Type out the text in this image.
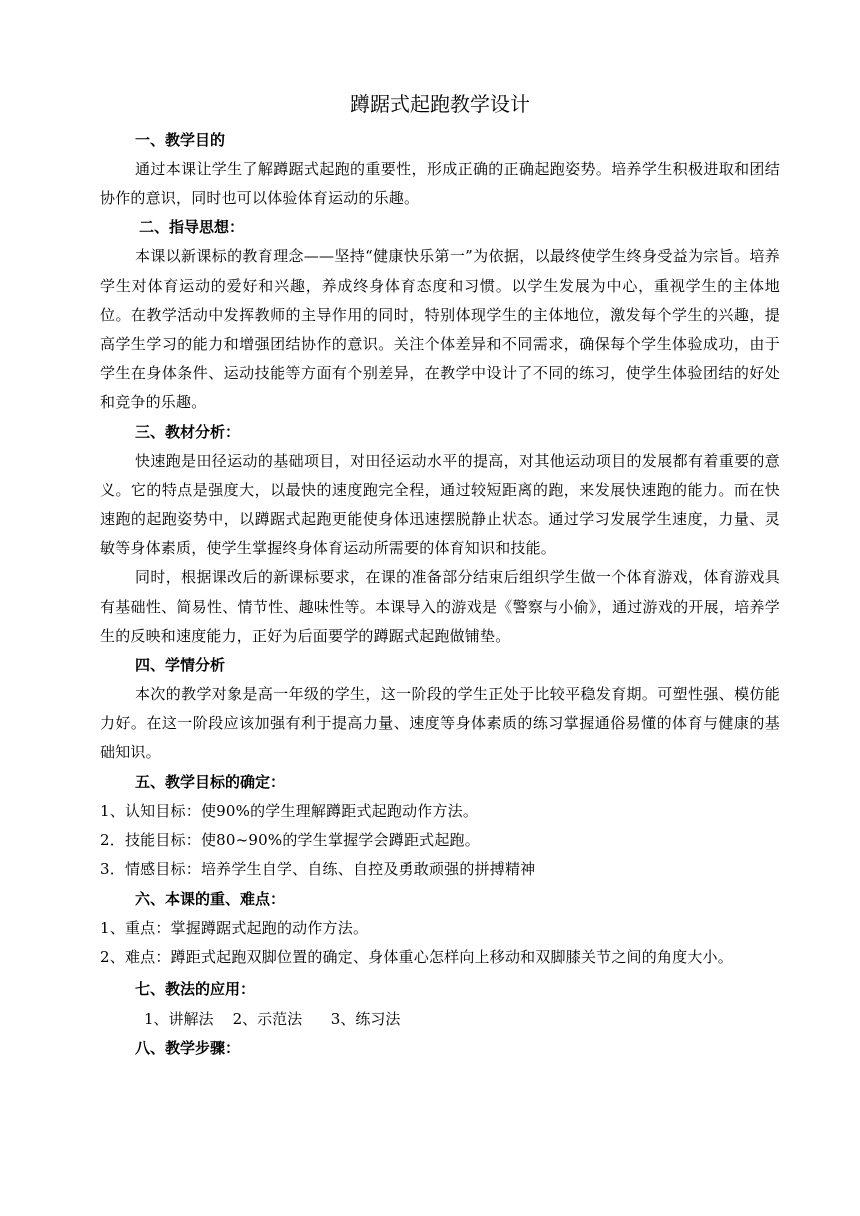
蹲踞式起跑教学设计

一、教学目的

通过本课让学生了解蹲踞式起跑的重要性，形成正确的正确起跑姿势。培养学生积极进取和团结协作的意识，同时也可以体验体育运动的乐趣。

二、指导思想：

本课以新课标的教育理念——坚持“健康快乐第一”为依据，以最终使学生终身受益为宗旨。培养学生对体育运动的爱好和兴趣，养成终身体育态度和习惯。以学生发展为中心，重视学生的主体地位。在教学活动中发挥教师的主导作用的同时，特别体现学生的主体地位，激发每个学生的兴趣，提高学生学习的能力和增强团结协作的意识。关注个体差异和不同需求，确保每个学生体验成功，由于学生在身体条件、运动技能等方面有个别差异，在教学中设计了不同的练习，使学生体验团结的好处和竞争的乐趣。

三、教材分析：

快速跑是田径运动的基础项目，对田径运动水平的提高，对其他运动项目的发展都有着重要的意义。它的特点是强度大，以最快的速度跑完全程，通过较短距离的跑，来发展快速跑的能力。而在快速跑的起跑姿势中，以蹲踞式起跑更能使身体迅速摆脱静止状态。通过学习发展学生速度，力量、灵敏等身体素质，使学生掌握终身体育运动所需要的体育知识和技能。

同时，根据课改后的新课标要求，在课的准备部分结束后组织学生做一个体育游戏，体育游戏具有基础性、简易性、情节性、趣味性等。本课导入的游戏是《警察与小偷》，通过游戏的开展，培养学生的反映和速度能力，正好为后面要学的蹲踞式起跑做铺垫。

四、学情分析

本次的教学对象是高一年级的学生，这一阶段的学生正处于比较平稳发育期。可塑性强、模仿能力好。在这一阶段应该加强有利于提高力量、速度等身体素质的练习掌握通俗易懂的体育与健康的基础知识。

五、教学目标的确定：

1、认知目标：使90%的学生理解蹲距式起跑动作方法。

2．技能目标：使80~90%的学生掌握学会蹲距式起跑。

3．情感目标：培养学生自学、自练、自控及勇敢顽强的拼搏精神

六、本课的重、难点：

1、重点：掌握蹲踞式起跑的动作方法。

2、难点：蹲距式起跑双脚位置的确定、身体重心怎样向上移动和双脚膝关节之间的角度大小。

七、教法的应用：

1、讲解法 2、示范法 3、练习法

八、教学步骤：
